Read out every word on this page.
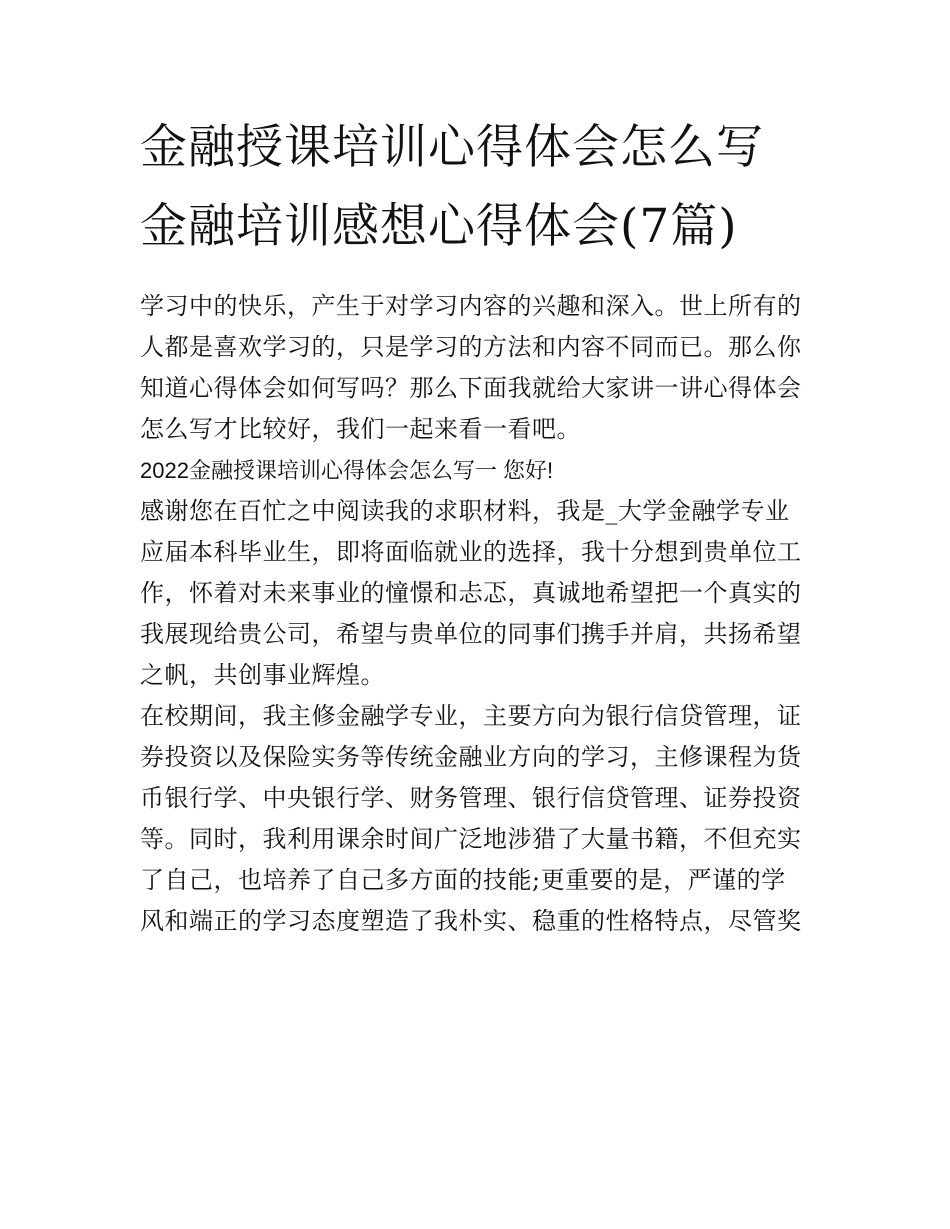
金融授课培训心得体会怎么写
金融培训感想心得体会(7篇)

学习中的快乐，产生于对学习内容的兴趣和深入。世上所有的
人都是喜欢学习的，只是学习的方法和内容不同而已。那么你
知道心得体会如何写吗？那么下面我就给大家讲一讲心得体会
怎么写才比较好，我们一起来看一看吧。

2022金融授课培训心得体会怎么写一 您好!

感谢您在百忙之中阅读我的求职材料，我是_大学金融学专业
应届本科毕业生，即将面临就业的选择，我十分想到贵单位工
作，怀着对未来事业的憧憬和忐忑，真诚地希望把一个真实的
我展现给贵公司，希望与贵单位的同事们携手并肩，共扬希望
之帆，共创事业辉煌。

在校期间，我主修金融学专业，主要方向为银行信贷管理，证
券投资以及保险实务等传统金融业方向的学习，主修课程为货
币银行学、中央银行学、财务管理、银行信贷管理、证券投资
等。同时，我利用课余时间广泛地涉猎了大量书籍，不但充实
了自己，也培养了自己多方面的技能;更重要的是，严谨的学
风和端正的学习态度塑造了我朴实、稳重的性格特点，尽管奖
